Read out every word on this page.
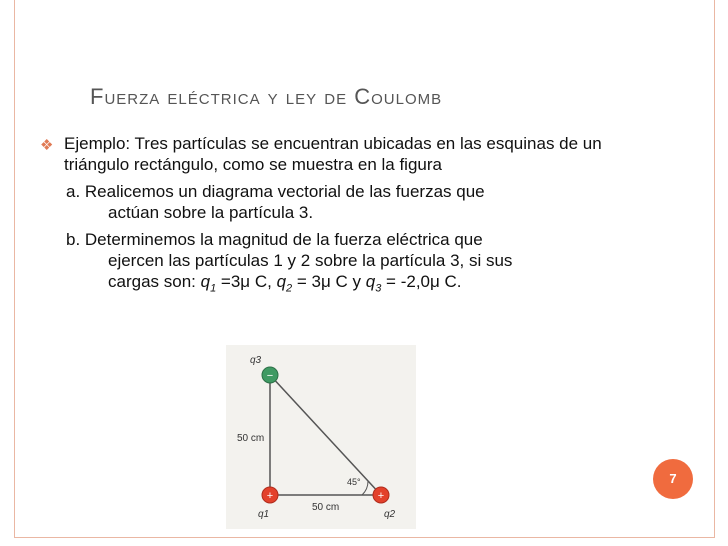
Fuerza eléctrica y ley de Coulomb
❖ Ejemplo: Tres partículas se encuentran ubicadas en las esquinas de un triángulo rectángulo, como se muestra en la figura
a. Realicemos un diagrama vectorial de las fuerzas que
actúan sobre la partícula 3.
b. Determinemos la magnitud de la fuerza eléctrica que
ejercen las partículas 1 y 2 sobre la partícula 3, si sus
cargas son: $q_1 =3\mu$ C, $q_2 = 3\mu$ C y $q_3 = -2,0\mu$ C.
−
+	+
q3
q1	q2
50 cm
50 cm
45°	7
